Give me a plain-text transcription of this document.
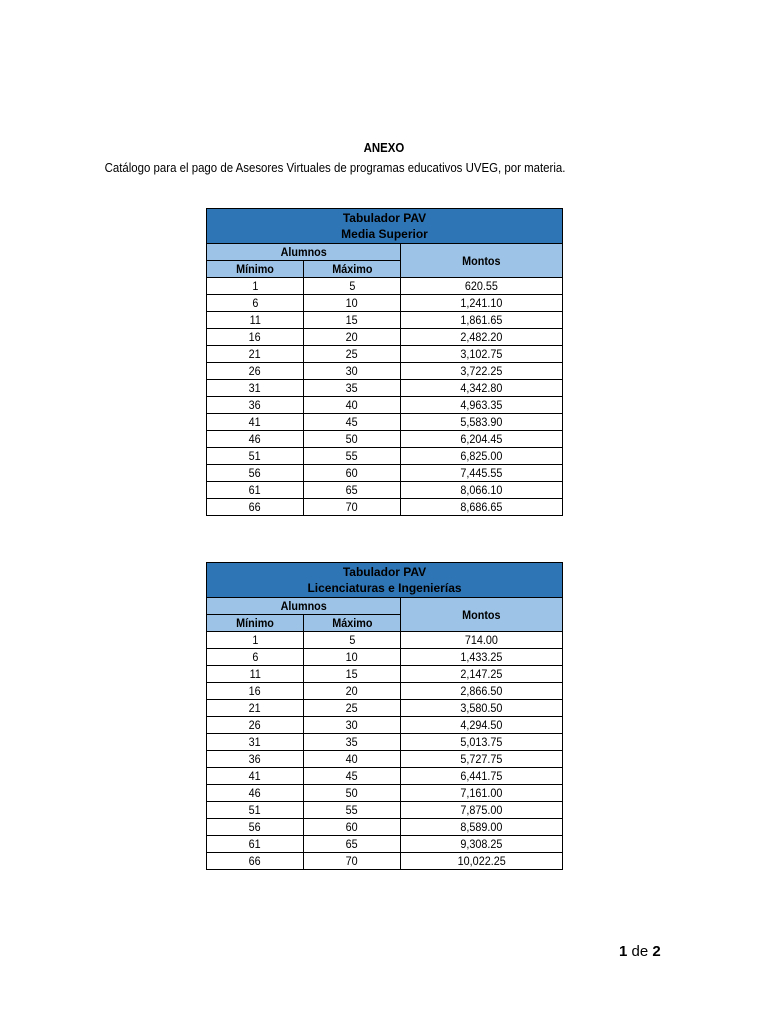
ANEXO
Catálogo para el pago de Asesores Virtuales de programas educativos UVEG, por materia.
Tabulador PAV
Media Superior		

Alumnos		Montos
Mínimo	Máximo	
1	5	620.55
6	10	1,241.10
11	15	1,861.65
16	20	2,482.20
21	25	3,102.75
26	30	3,722.25
31	35	4,342.80
36	40	4,963.35
41	45	5,583.90
46	50	6,204.45
51	55	6,825.00
56	60	7,445.55
61	65	8,066.10
66	70	8,686.65
Tabulador PAV
Licenciaturas e Ingenierías		

Alumnos		Montos
Mínimo	Máximo	
1	5	714.00
6	10	1,433.25
11	15	2,147.25
16	20	2,866.50
21	25	3,580.50
26	30	4,294.50
31	35	5,013.75
36	40	5,727.75
41	45	6,441.75
46	50	7,161.00
51	55	7,875.00
56	60	8,589.00
61	65	9,308.25
66	70	10,022.25
1 de 2
